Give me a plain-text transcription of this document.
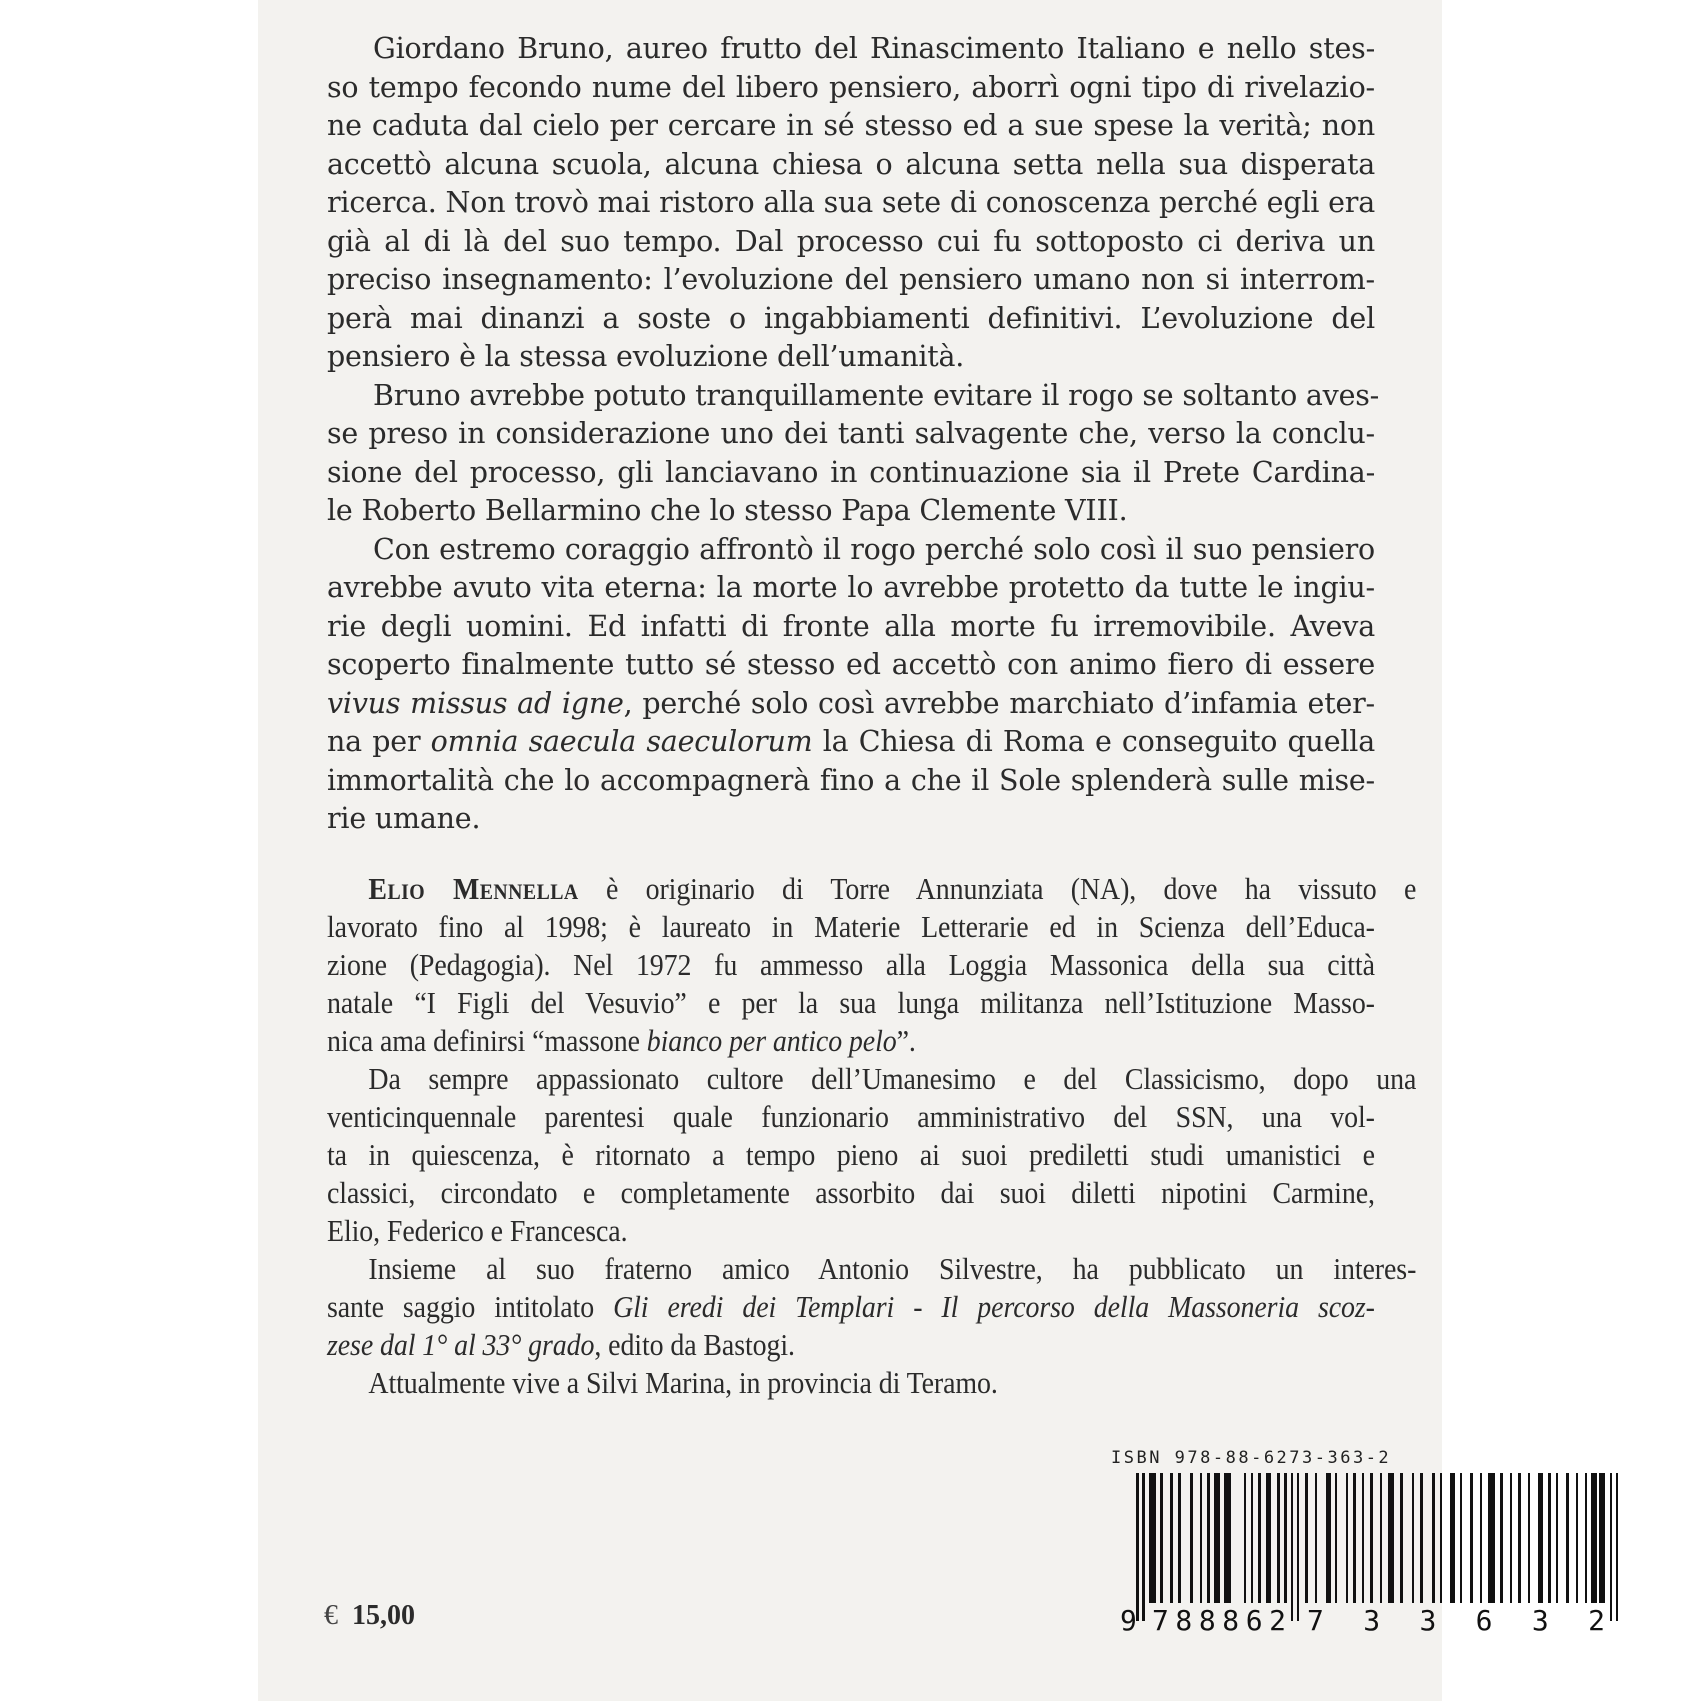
Giordano Bruno, aureo frutto del Rinascimento Italiano e nello stes-
so tempo fecondo nume del libero pensiero, aborrì ogni tipo di rivelazio-
ne caduta dal cielo per cercare in sé stesso ed a sue spese la verità; non
accettò alcuna scuola, alcuna chiesa o alcuna setta nella sua disperata
ricerca. Non trovò mai ristoro alla sua sete di conoscenza perché egli era
già al di là del suo tempo. Dal processo cui fu sottoposto ci deriva un
preciso insegnamento: l’evoluzione del pensiero umano non si interrom-
perà mai dinanzi a soste o ingabbiamenti definitivi. L’evoluzione del
pensiero è la stessa evoluzione dell’umanità.
Bruno avrebbe potuto tranquillamente evitare il rogo se soltanto aves-
se preso in considerazione uno dei tanti salvagente che, verso la conclu-
sione del processo, gli lanciavano in continuazione sia il Prete Cardina-
le Roberto Bellarmino che lo stesso Papa Clemente VIII.
Con estremo coraggio affrontò il rogo perché solo così il suo pensiero
avrebbe avuto vita eterna: la morte lo avrebbe protetto da tutte le ingiu-
rie degli uomini. Ed infatti di fronte alla morte fu irremovibile. Aveva
scoperto finalmente tutto sé stesso ed accettò con animo fiero di essere
vivus missus ad igne, perché solo così avrebbe marchiato d’infamia eter-
na per omnia saecula saeculorum la Chiesa di Roma e conseguito quella
immortalità che lo accompagnerà fino a che il Sole splenderà sulle mise-
rie umane.
Elio Mennella è originario di Torre Annunziata (NA), dove ha vissuto e
lavorato fino al 1998; è laureato in Materie Letterarie ed in Scienza dell’Educa-
zione (Pedagogia). Nel 1972 fu ammesso alla Loggia Massonica della sua città
natale “I Figli del Vesuvio” e per la sua lunga militanza nell’Istituzione Masso-
nica ama definirsi “massone bianco per antico pelo”.
Da sempre appassionato cultore dell’Umanesimo e del Classicismo, dopo una
venticinquennale parentesi quale funzionario amministrativo del SSN, una vol-
ta in quiescenza, è ritornato a tempo pieno ai suoi prediletti studi umanistici e
classici, circondato e completamente assorbito dai suoi diletti nipotini Carmine,
Elio, Federico e Francesca.
Insieme al suo fraterno amico Antonio Silvestre, ha pubblicato un interes-
sante saggio intitolato Gli eredi dei Templari - Il percorso della Massoneria scoz-
zese dal 1° al 33° grado, edito da Bastogi.
Attualmente vive a Silvi Marina, in provincia di Teramo.
ISBN 978-88-6273-363-2
9 788862 733632
€ 15,00
